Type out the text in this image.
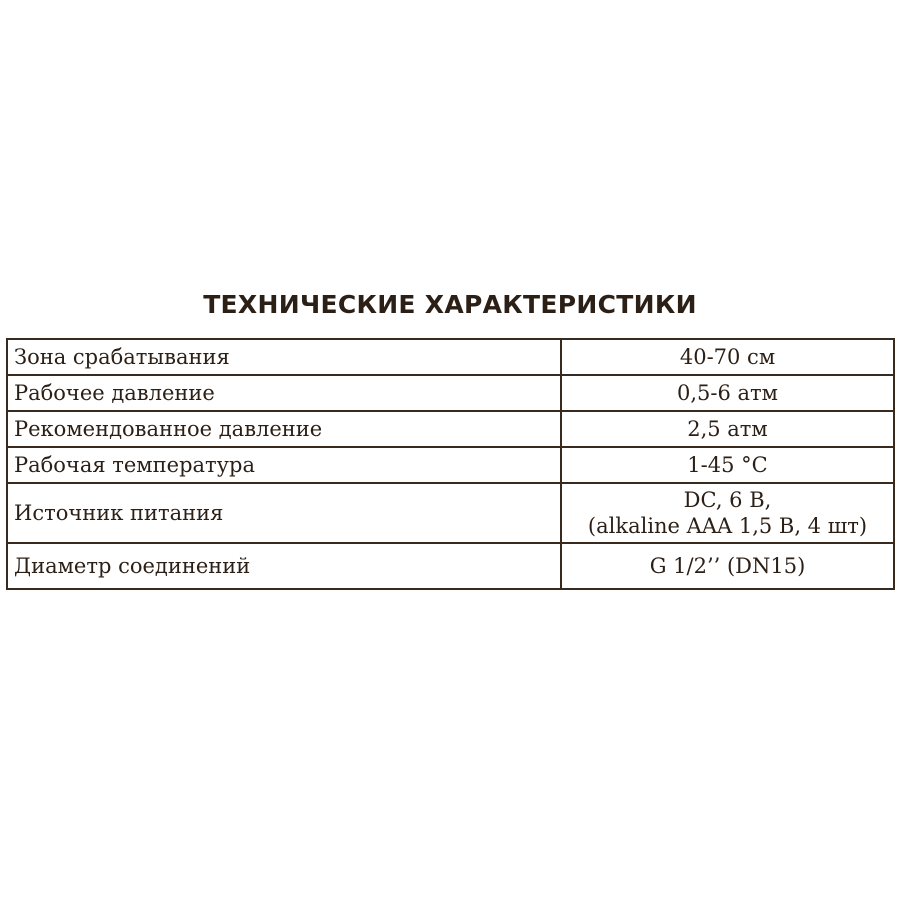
ТЕХНИЧЕСКИЕ ХАРАКТЕРИСТИКИ
Зона срабатывания	40-70 см
Рабочее давление	0,5-6 атм
Рекомендованное давление	2,5 атм
Рабочая температура	1-45 °C
Источник питания	DC, 6 В,
(alkaline AAA 1,5 В, 4 шт)

Диаметр соединений	G 1/2’’ (DN15)
